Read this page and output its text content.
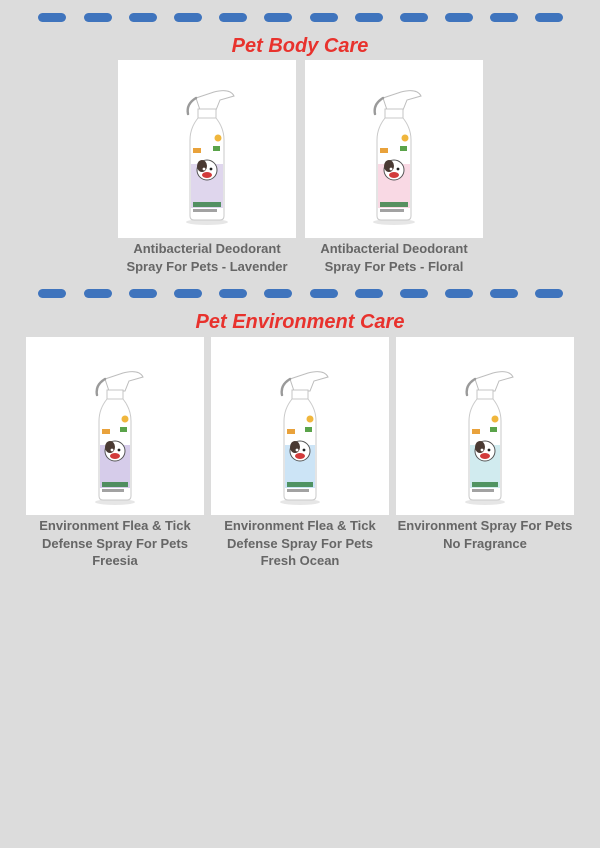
Pet Body Care

Antibacterial Deodorant
Spray For Pets - Lavender

Antibacterial Deodorant
Spray For Pets - Floral

Pet Environment Care

Environment Flea & Tick
Defense Spray For Pets
Freesia

Environment Flea & Tick
Defense Spray For Pets
Fresh Ocean

Environment Spray For Pets
No Fragrance
